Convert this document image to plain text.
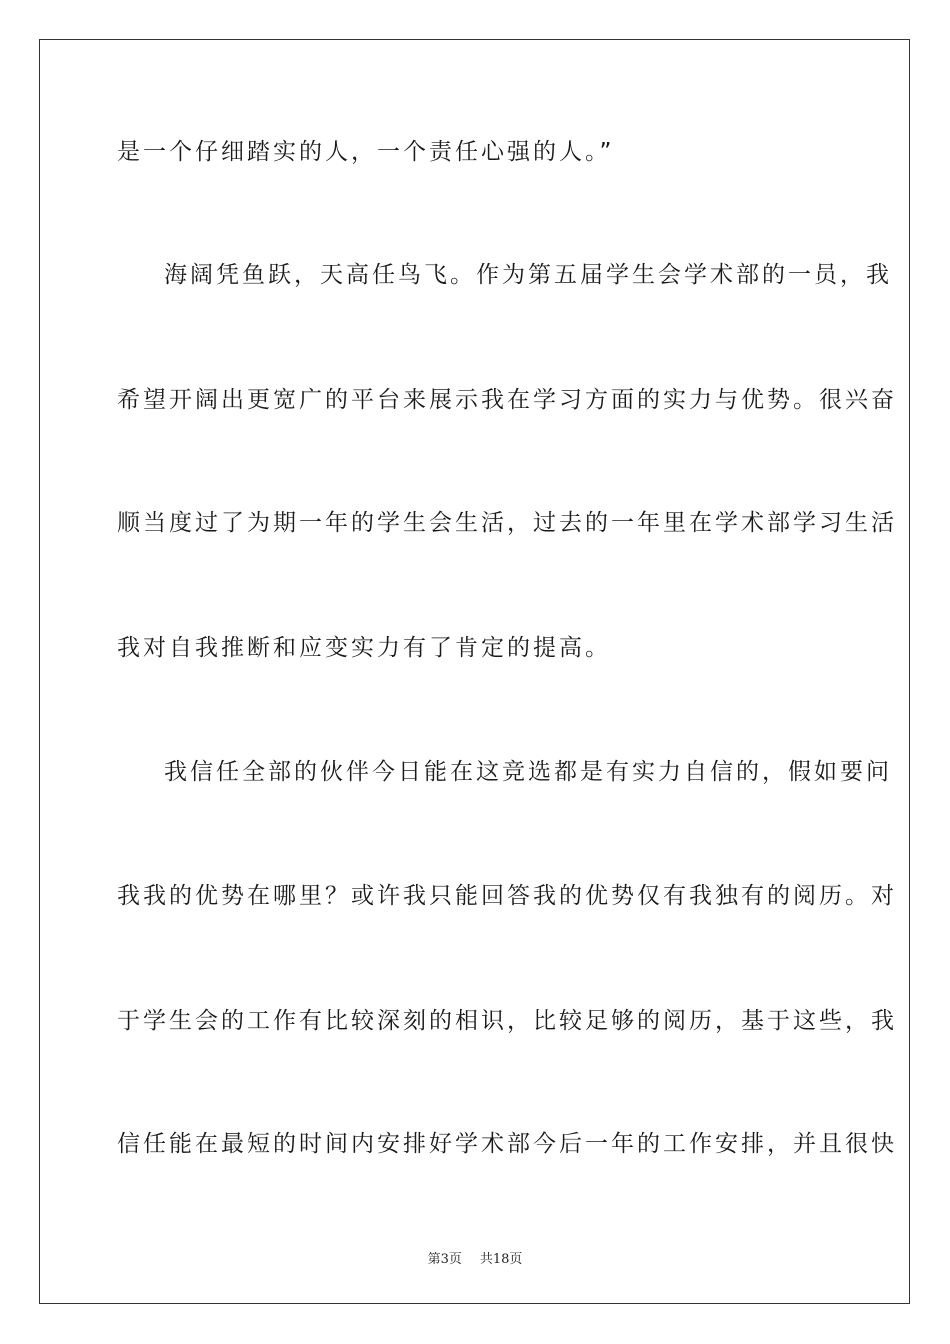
是一个仔细踏实的人，一个责任心强的人。”
海阔凭鱼跃，天高任鸟飞。作为第五届学生会学术部的一员，我
希望开阔出更宽广的平台来展示我在学习方面的实力与优势。很兴奋
顺当度过了为期一年的学生会生活，过去的一年里在学术部学习生活
我对自我推断和应变实力有了肯定的提高。
我信任全部的伙伴今日能在这竞选都是有实力自信的，假如要问
我我的优势在哪里？或许我只能回答我的优势仅有我独有的阅历。对
于学生会的工作有比较深刻的相识，比较足够的阅历，基于这些，我
信任能在最短的时间内安排好学术部今后一年的工作安排，并且很快
第3页 共18页
